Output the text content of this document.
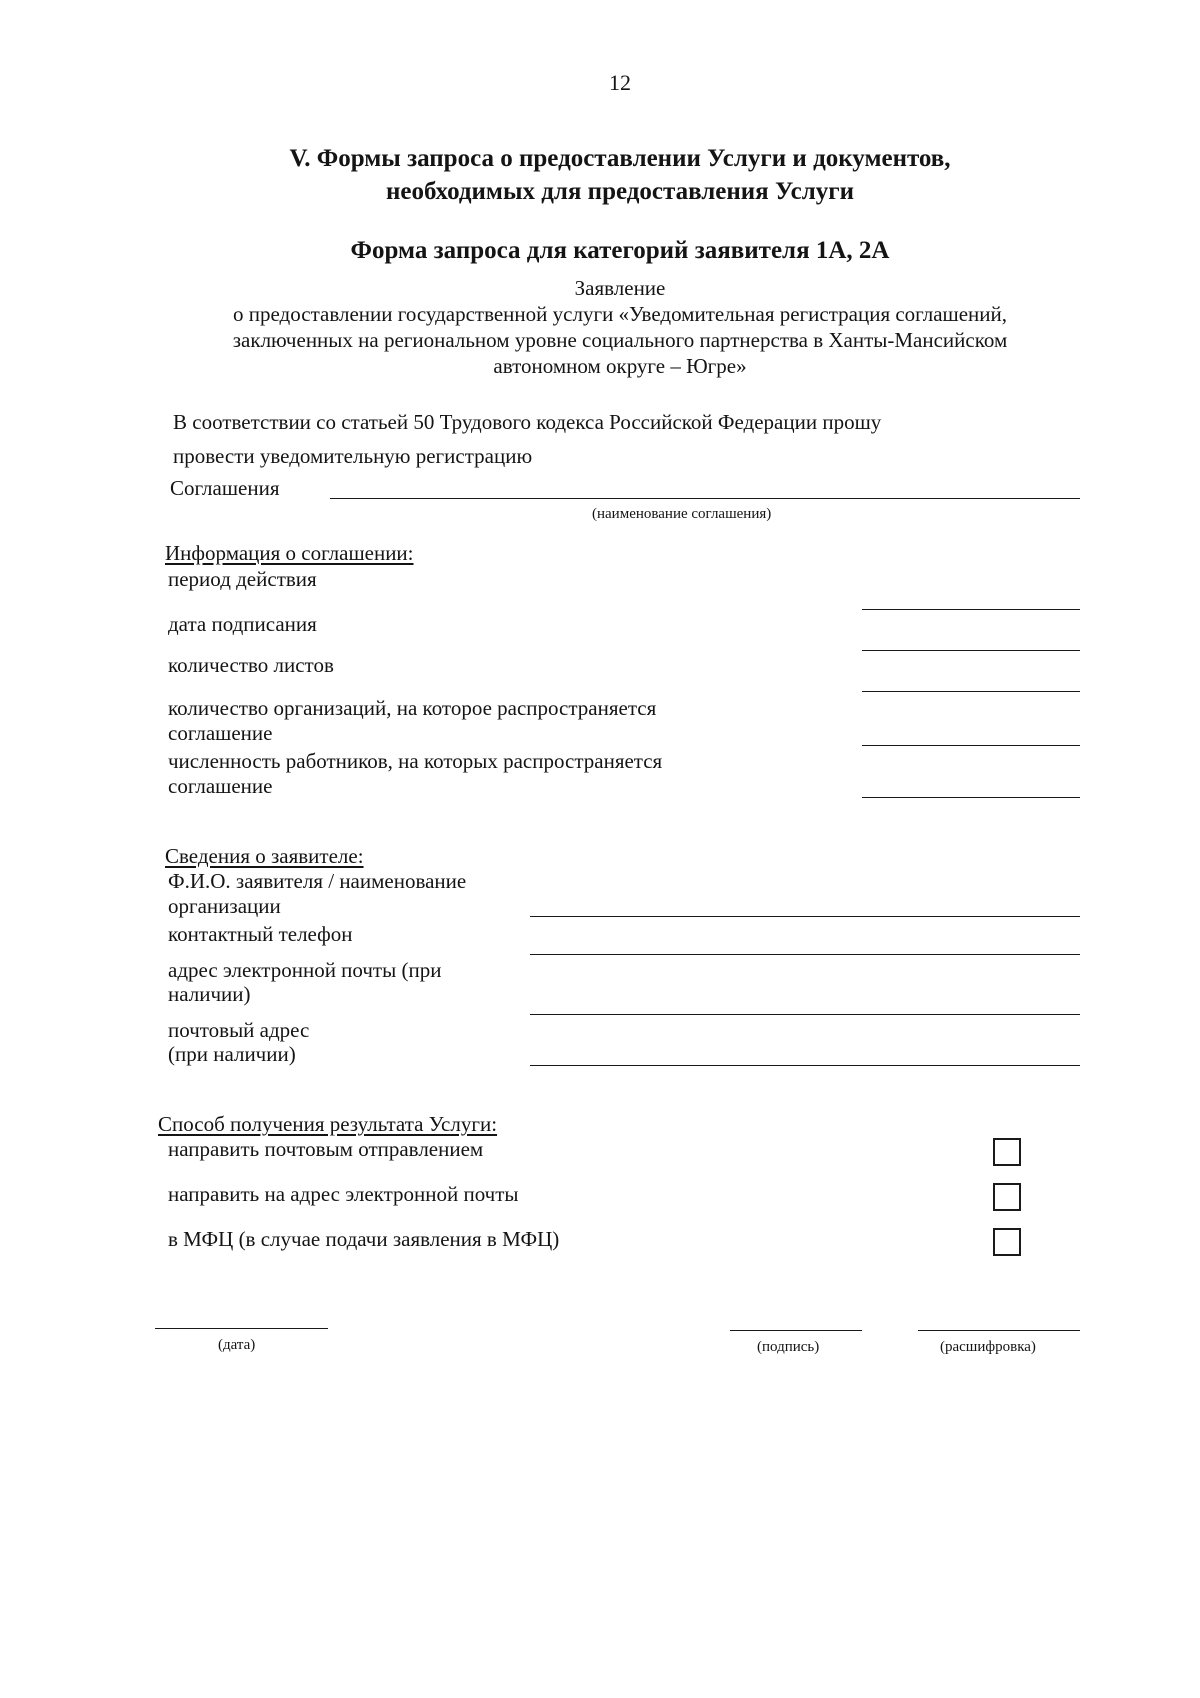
12
V. Формы запроса о предоставлении Услуги и документов,
необходимых для предоставления Услуги
Форма запроса для категорий заявителя 1А, 2А
Заявление
о предоставлении государственной услуги «Уведомительная регистрация соглашений,
заключенных на региональном уровне социального партнерства в Ханты-Мансийском
автономном округе – Югре»
В соответствии со статьей 50 Трудового кодекса Российской Федерации прошу
провести уведомительную регистрацию
Соглашения
(наименование соглашения)
Информация о соглашении:
период действия
дата подписания
количество листов
количество организаций, на которое распространяется
соглашение
численность работников, на которых распространяется
соглашение
Сведения о заявителе:
Ф.И.О. заявителя / наименование
организации
контактный телефон
адрес электронной почты (при
наличии)
почтовый адрес
(при наличии)
Способ получения результата Услуги:
направить почтовым отправлением
направить на адрес электронной почты
в МФЦ (в случае подачи заявления в МФЦ)
(дата)	(подпись)	(расшифровка)
